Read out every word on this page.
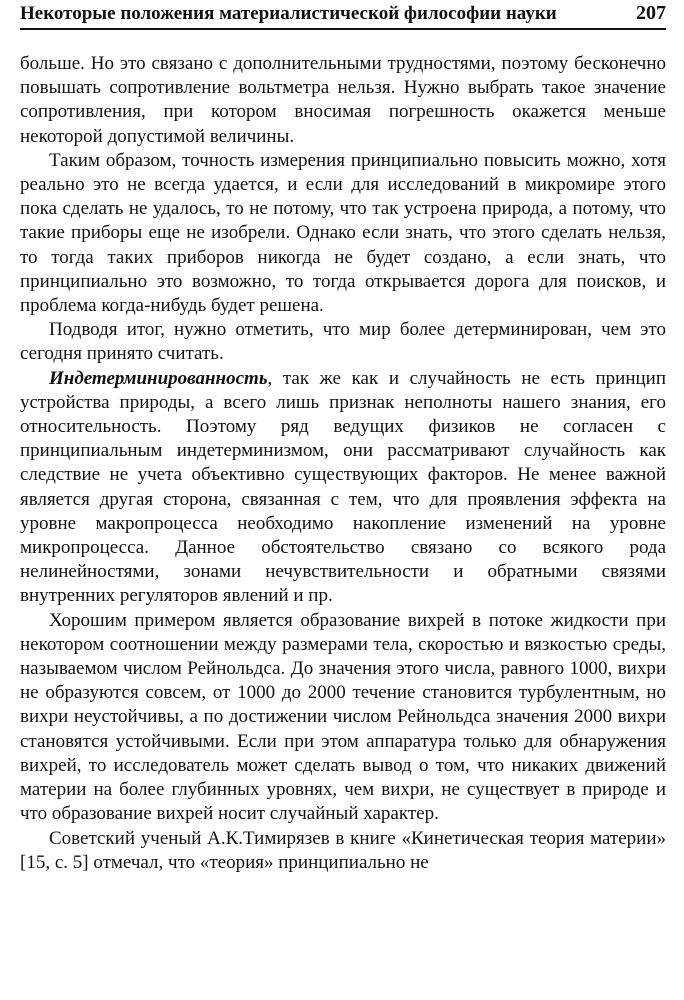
Некоторые положения материалистической философии науки	207

больше. Но это связано с дополнительными трудностями, поэтому бесконечно повышать сопротивление вольтметра нельзя. Нужно выбрать такое значение сопротивления, при котором вносимая погрешность окажется меньше некоторой допустимой величины.

Таким образом, точность измерения принципиально повысить можно, хотя реально это не всегда удается, и если для исследований в микромире этого пока сделать не удалось, то не потому, что так устроена природа, а потому, что такие приборы еще не изобрели. Однако если знать, что этого сделать нельзя, то тогда таких приборов никогда не будет создано, а если знать, что принципиально это возможно, то тогда открывается дорога для поисков, и проблема когда-нибудь будет решена.

Подводя итог, нужно отметить, что мир более детерминирован, чем это сегодня принято считать.

Индетерминированность, так же как и случайность не есть принцип устройства природы, а всего лишь признак неполноты нашего знания, его относительность. Поэтому ряд ведущих физиков не согласен с принципиальным индетерминизмом, они рассматривают случайность как следствие не учета объективно существующих факторов. Не менее важной является другая сторона, связанная с тем, что для проявления эффекта на уровне макропроцесса необходимо накопление изменений на уровне микропроцесса. Данное обстоятельство связано со всякого рода нелинейностями, зонами нечувствительности и обратными связями внутренних регуляторов явлений и пр.

Хорошим примером является образование вихрей в потоке жидкости при некотором соотношении между размерами тела, скоростью и вязкостью среды, называемом числом Рейнольдса. До значения этого числа, равного 1000, вихри не образуются совсем, от 1000 до 2000 течение становится турбулентным, но вихри неустойчивы, а по достижении числом Рейнольдса значения 2000 вихри становятся устойчивыми. Если при этом аппаратура только для обнаружения вихрей, то исследователь может сделать вывод о том, что никаких движений материи на более глубинных уровнях, чем вихри, не существует в природе и что образование вихрей носит случайный характер.

Советский ученый А.К.Тимирязев в книге «Кинетическая теория материи» [15, с. 5] отмечал, что «теория» принципиально не
